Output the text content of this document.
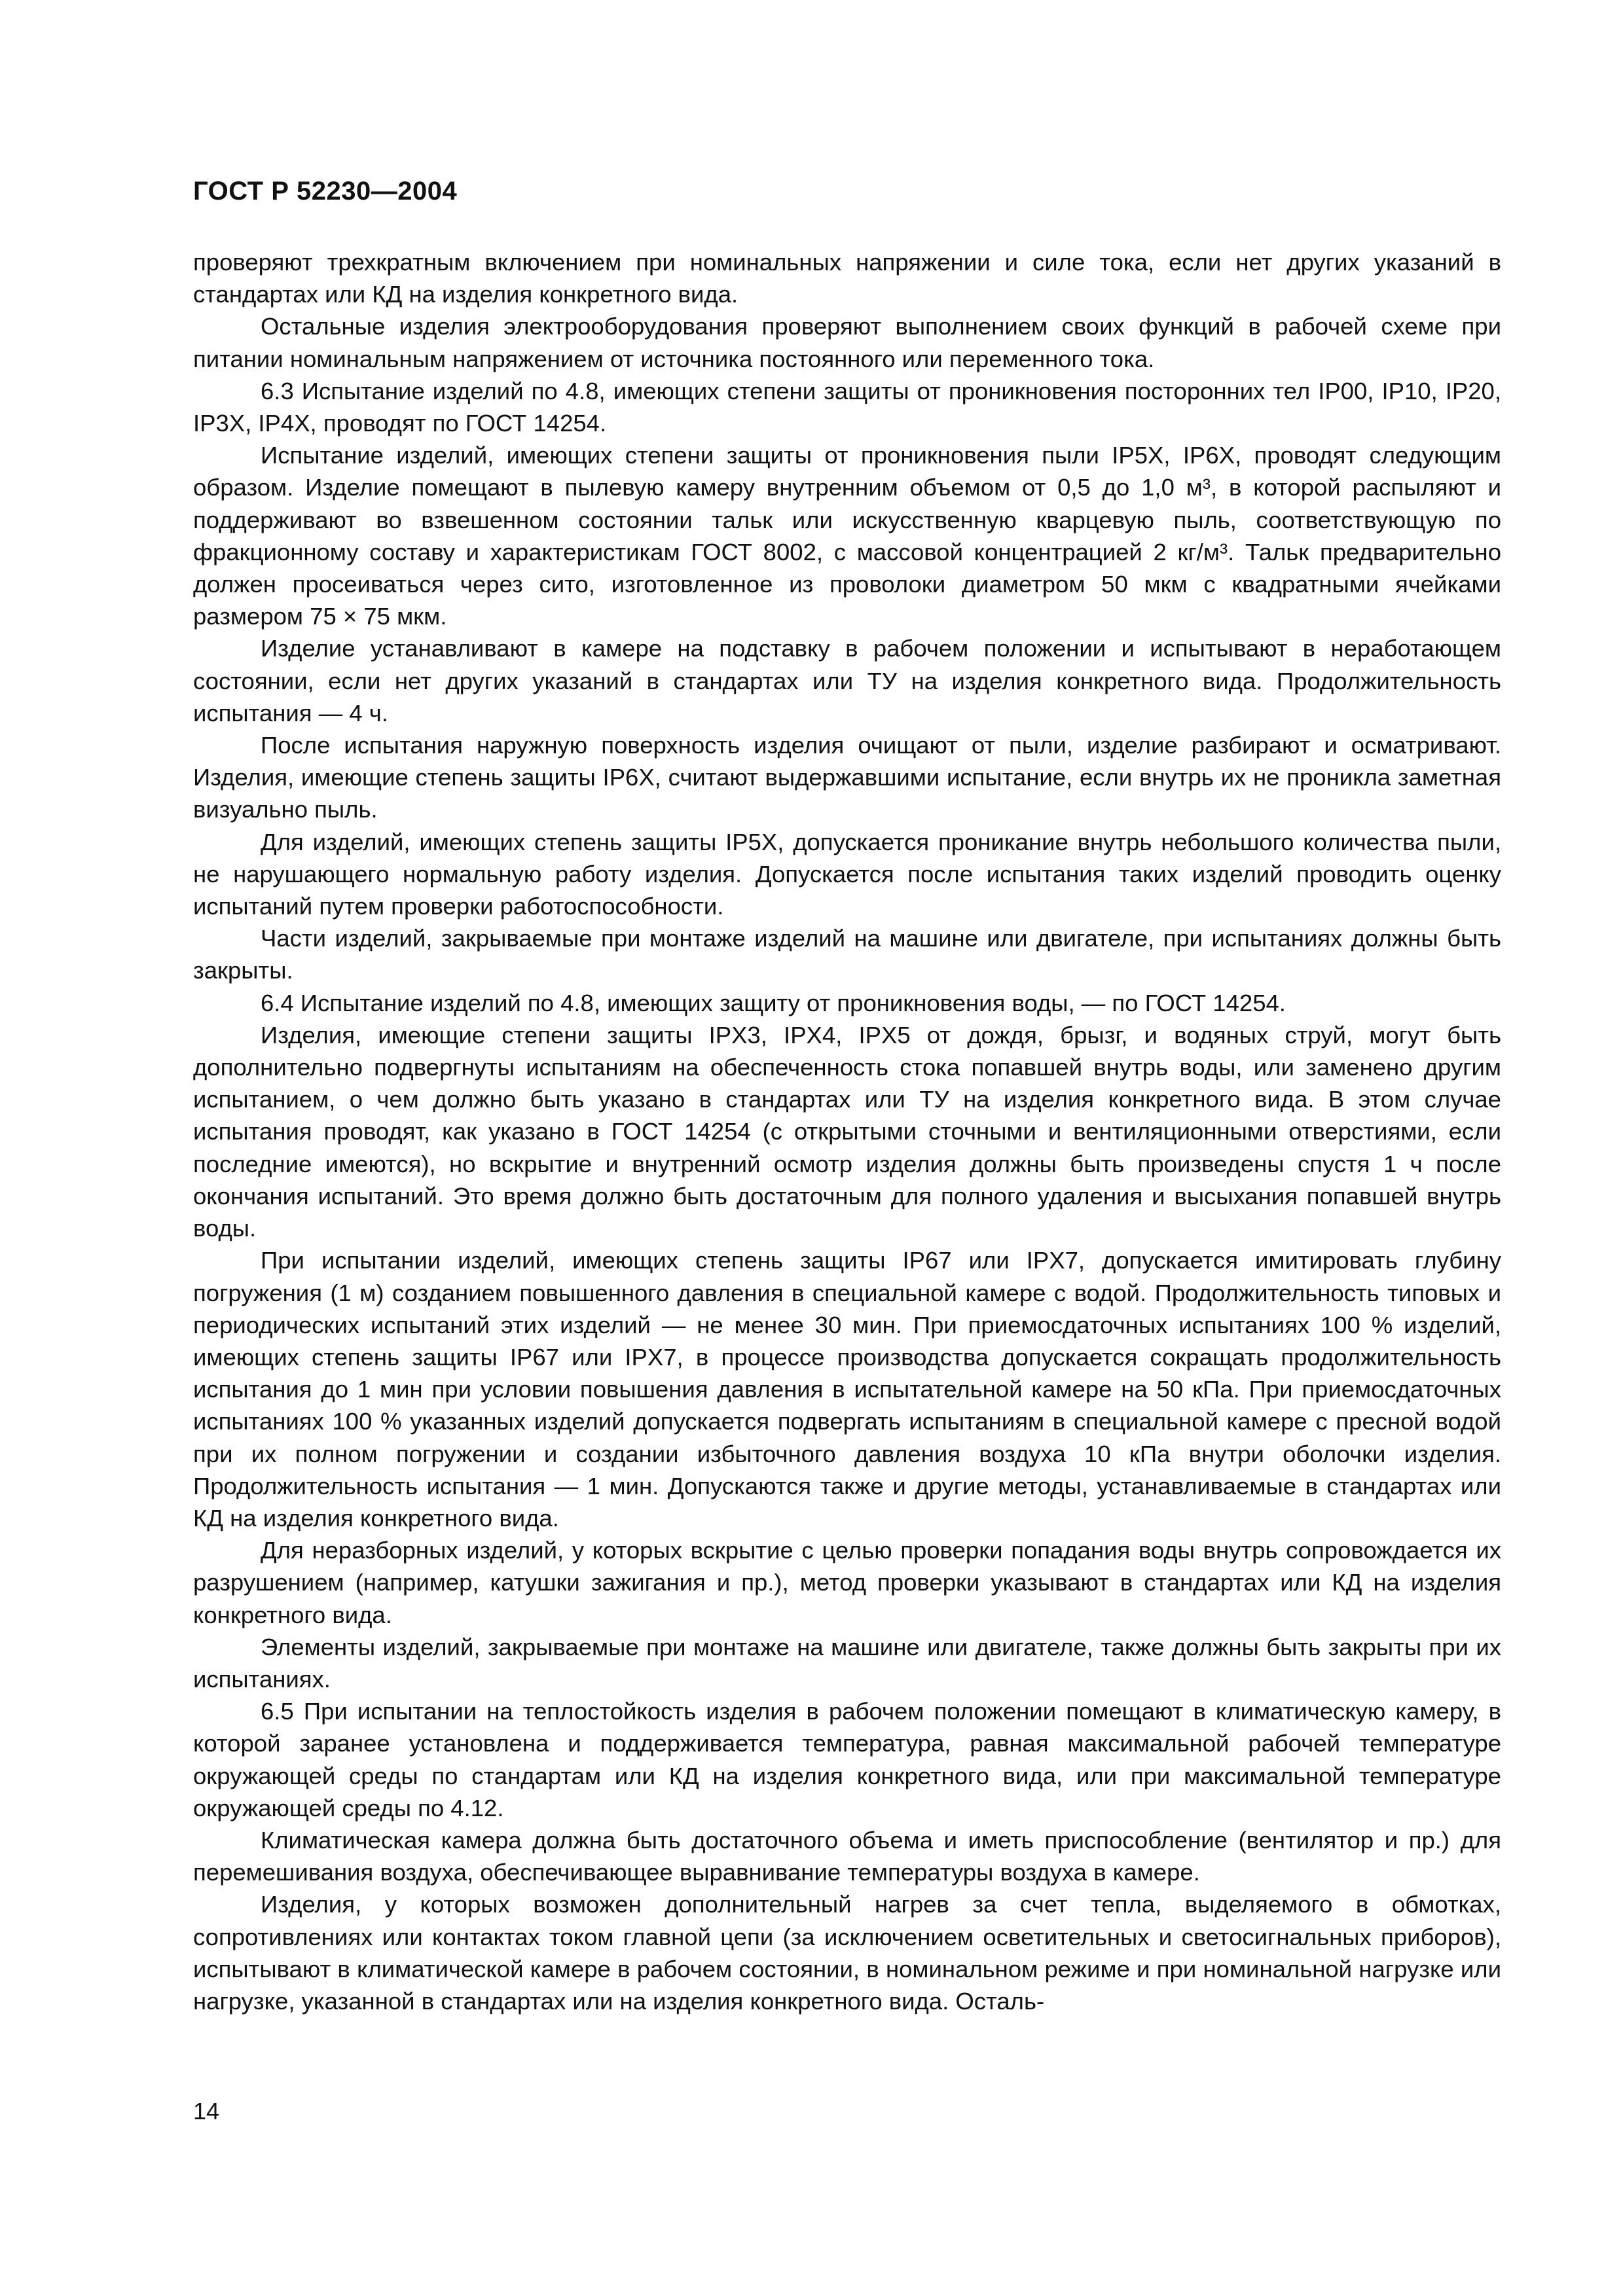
ГОСТ Р 52230—2004

проверяют трехкратным включением при номинальных напряжении и силе тока, если нет других указаний в стандартах или КД на изделия конкретного вида.

Остальные изделия электрооборудования проверяют выполнением своих функций в рабочей схеме при питании номинальным напряжением от источника постоянного или переменного тока.

6.3 Испытание изделий по 4.8, имеющих степени защиты от проникновения посторонних тел IP00, IP10, IP20, IP3X, IP4X, проводят по ГОСТ 14254.

Испытание изделий, имеющих степени защиты от проникновения пыли IP5X, IP6X, проводят следующим образом. Изделие помещают в пылевую камеру внутренним объемом от 0,5 до 1,0 м³, в которой распыляют и поддерживают во взвешенном состоянии тальк или искусственную кварцевую пыль, соответствующую по фракционному составу и характеристикам ГОСТ 8002, с массовой концентрацией 2 кг/м³. Тальк предварительно должен просеиваться через сито, изготовленное из проволоки диаметром 50 мкм с квадратными ячейками размером 75 × 75 мкм.

Изделие устанавливают в камере на подставку в рабочем положении и испытывают в неработающем состоянии, если нет других указаний в стандартах или ТУ на изделия конкретного вида. Продолжительность испытания — 4 ч.

После испытания наружную поверхность изделия очищают от пыли, изделие разбирают и осматривают. Изделия, имеющие степень защиты IP6X, считают выдержавшими испытание, если внутрь их не проникла заметная визуально пыль.

Для изделий, имеющих степень защиты IP5X, допускается проникание внутрь небольшого количества пыли, не нарушающего нормальную работу изделия. Допускается после испытания таких изделий проводить оценку испытаний путем проверки работоспособности.

Части изделий, закрываемые при монтаже изделий на машине или двигателе, при испытаниях должны быть закрыты.

6.4 Испытание изделий по 4.8, имеющих защиту от проникновения воды, — по ГОСТ 14254.

Изделия, имеющие степени защиты IPX3, IPX4, IPX5 от дождя, брызг, и водяных струй, могут быть дополнительно подвергнуты испытаниям на обеспеченность стока попавшей внутрь воды, или заменено другим испытанием, о чем должно быть указано в стандартах или ТУ на изделия конкретного вида. В этом случае испытания проводят, как указано в ГОСТ 14254 (с открытыми сточными и вентиляционными отверстиями, если последние имеются), но вскрытие и внутренний осмотр изделия должны быть произведены спустя 1 ч после окончания испытаний. Это время должно быть достаточным для полного удаления и высыхания попавшей внутрь воды.

При испытании изделий, имеющих степень защиты IP67 или IPX7, допускается имитировать глубину погружения (1 м) созданием повышенного давления в специальной камере с водой. Продолжительность типовых и периодических испытаний этих изделий — не менее 30 мин. При приемосдаточных испытаниях 100 % изделий, имеющих степень защиты IP67 или IPX7, в процессе производства допускается сокращать продолжительность испытания до 1 мин при условии повышения давления в испытательной камере на 50 кПа. При приемосдаточных испытаниях 100 % указанных изделий допускается подвергать испытаниям в специальной камере с пресной водой при их полном погружении и создании избыточного давления воздуха 10 кПа внутри оболочки изделия. Продолжительность испытания — 1 мин. Допускаются также и другие методы, устанавливаемые в стандартах или КД на изделия конкретного вида.

Для неразборных изделий, у которых вскрытие с целью проверки попадания воды внутрь сопровождается их разрушением (например, катушки зажигания и пр.), метод проверки указывают в стандартах или КД на изделия конкретного вида.

Элементы изделий, закрываемые при монтаже на машине или двигателе, также должны быть закрыты при их испытаниях.

6.5 При испытании на теплостойкость изделия в рабочем положении помещают в климатическую камеру, в которой заранее установлена и поддерживается температура, равная максимальной рабочей температуре окружающей среды по стандартам или КД на изделия конкретного вида, или при максимальной температуре окружающей среды по 4.12.

Климатическая камера должна быть достаточного объема и иметь приспособление (вентилятор и пр.) для перемешивания воздуха, обеспечивающее выравнивание температуры воздуха в камере.

Изделия, у которых возможен дополнительный нагрев за счет тепла, выделяемого в обмотках, сопротивлениях или контактах током главной цепи (за исключением осветительных и светосигнальных приборов), испытывают в климатической камере в рабочем состоянии, в номинальном режиме и при номинальной нагрузке или нагрузке, указанной в стандартах или на изделия конкретного вида. Осталь-

14
